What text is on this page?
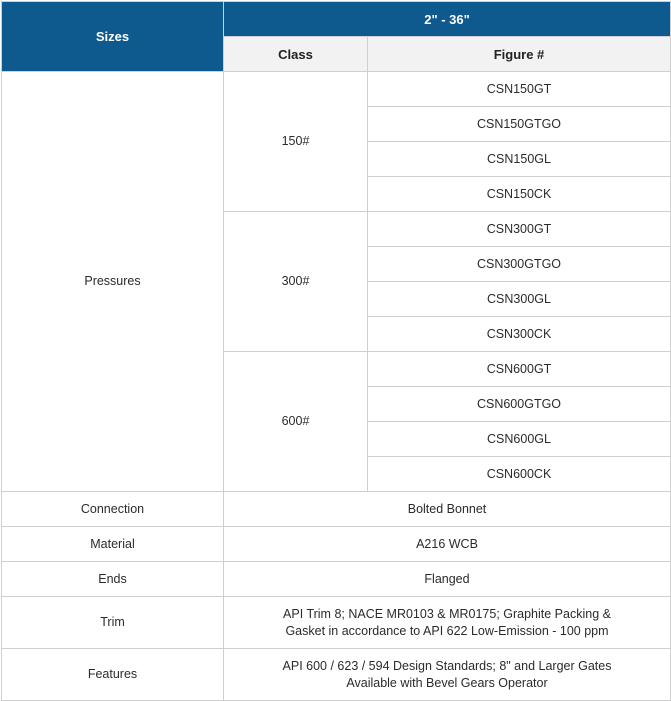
Sizes	2" - 36"	
	Class	Figure #
Pressures	150#	CSN150GT
		CSN150GTGO
		CSN150GL
		CSN150CK
	300#	CSN300GT
		CSN300GTGO
		CSN300GL
		CSN300CK
	600#	CSN600GT
		CSN600GTGO
		CSN600GL
		CSN600CK
Connection	Bolted Bonnet	
Material	A216 WCB	
Ends	Flanged	
Trim	API Trim 8; NACE MR0103 & MR0175; Graphite Packing & Gasket in accordance to API 622 Low-Emission - 100 ppm	
Features	API 600 / 623 / 594 Design Standards; 8" and Larger Gates Available with Bevel Gears Operator	
